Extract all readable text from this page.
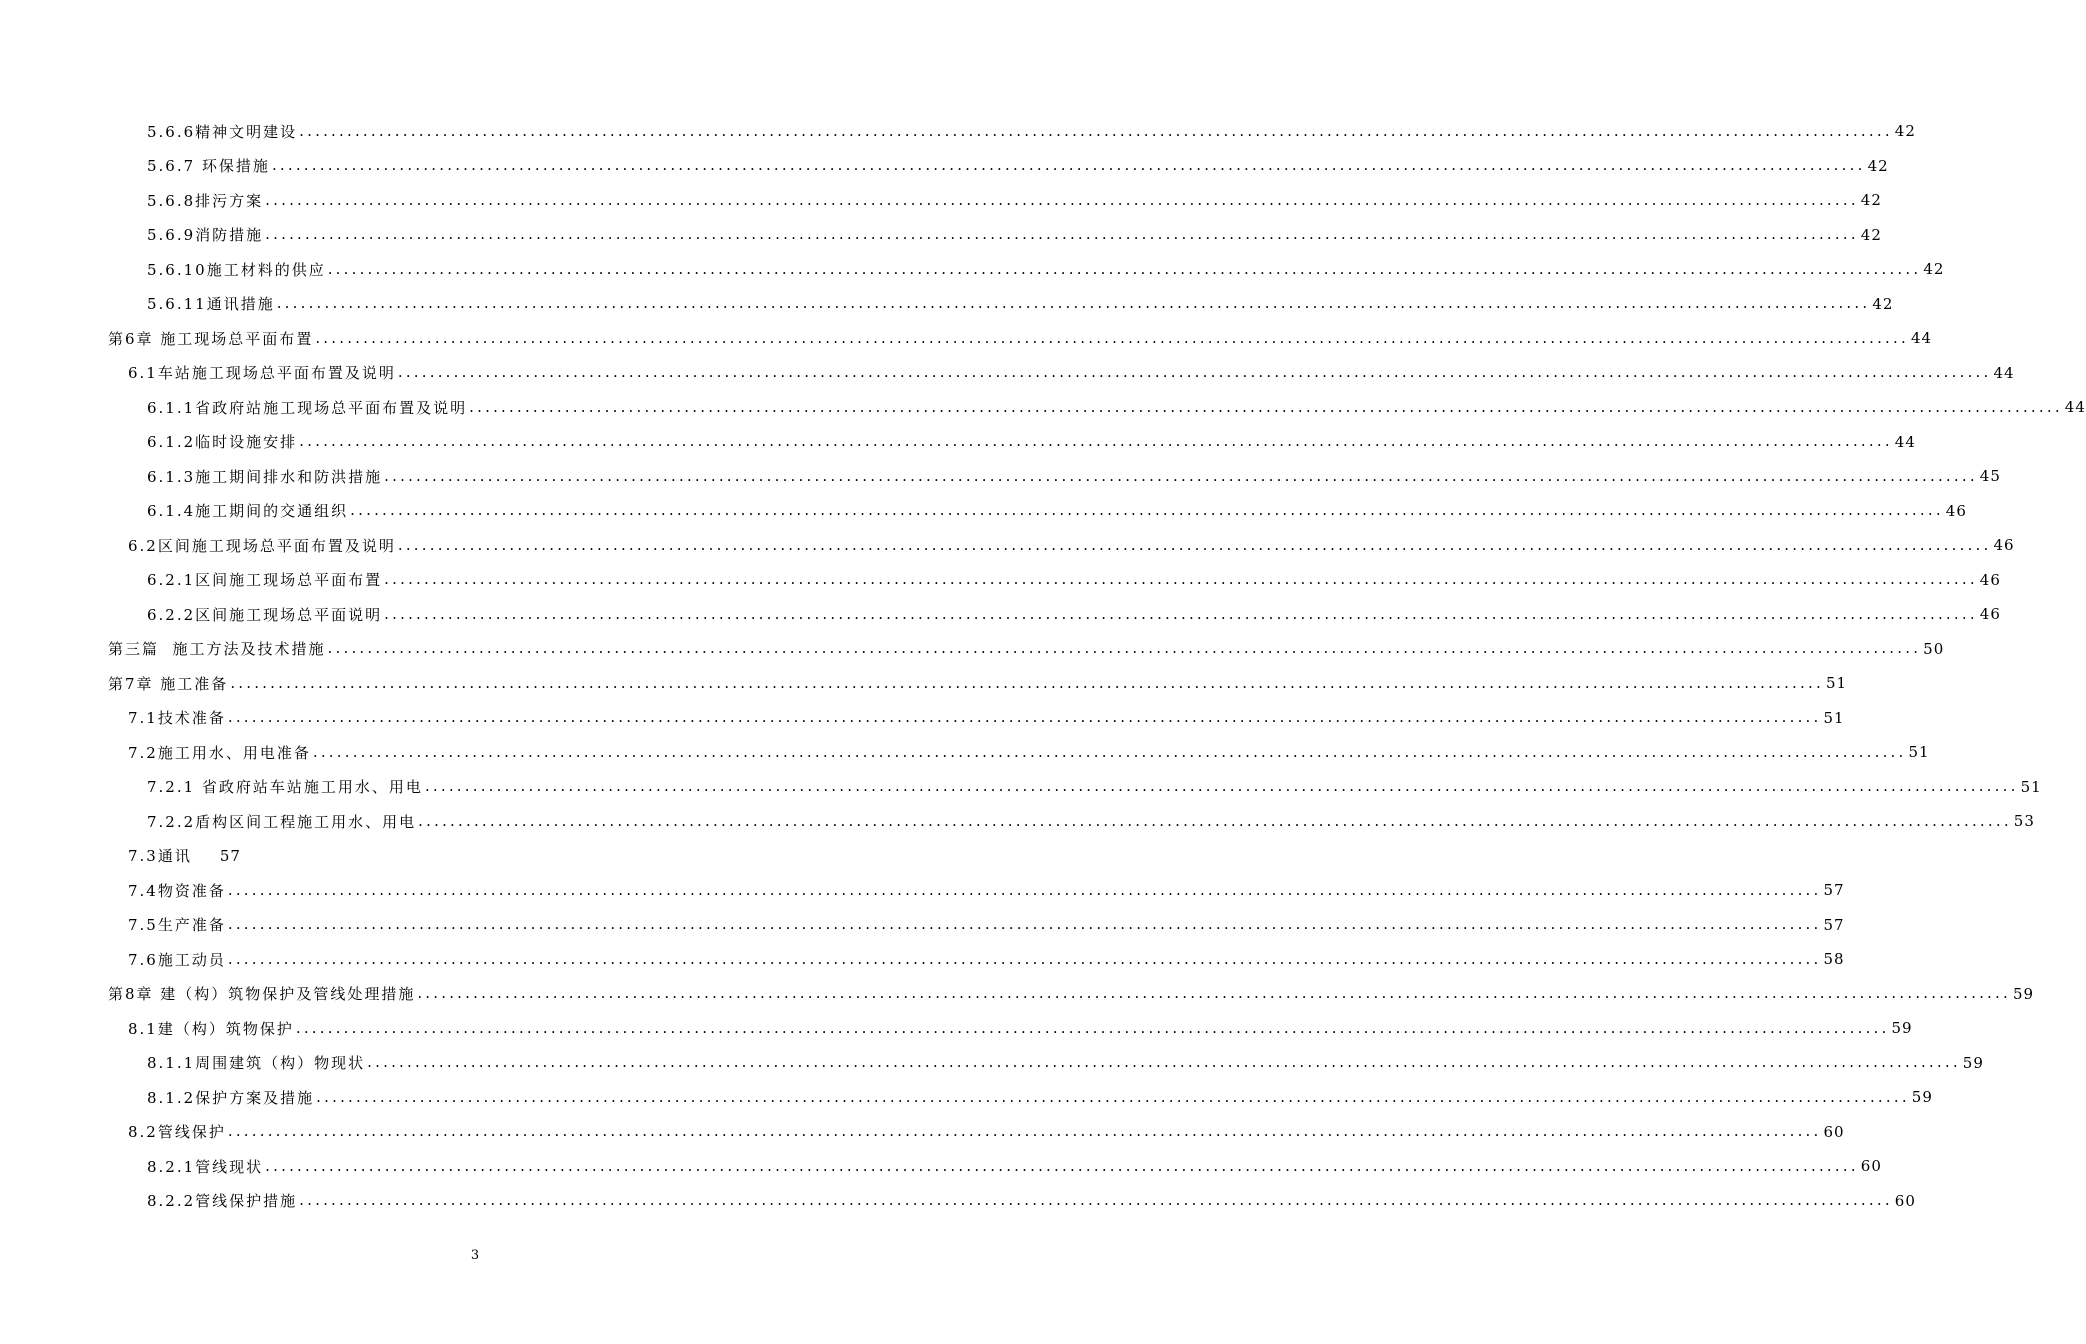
5.6.6精神文明建设 ........................................................................................................................................................................................................ 42
5.6.7 环保措施 ........................................................................................................................................................................................................ 42
5.6.8排污方案 ........................................................................................................................................................................................................ 42
5.6.9消防措施 ........................................................................................................................................................................................................ 42
5.6.10施工材料的供应 ........................................................................................................................................................................................................ 42
5.6.11通讯措施 ........................................................................................................................................................................................................ 42
第6章 施工现场总平面布置 ........................................................................................................................................................................................................ 44
6.1车站施工现场总平面布置及说明 ........................................................................................................................................................................................................ 44
6.1.1省政府站施工现场总平面布置及说明 ........................................................................................................................................................................................................ 44
6.1.2临时设施安排 ........................................................................................................................................................................................................ 44
6.1.3施工期间排水和防洪措施 ........................................................................................................................................................................................................ 45
6.1.4施工期间的交通组织 ........................................................................................................................................................................................................ 46
6.2区间施工现场总平面布置及说明 ........................................................................................................................................................................................................ 46
6.2.1区间施工现场总平面布置 ........................................................................................................................................................................................................ 46
6.2.2区间施工现场总平面说明 ........................................................................................................................................................................................................ 46
第三篇  施工方法及技术措施 ........................................................................................................................................................................................................ 50
第7章 施工准备 ........................................................................................................................................................................................................ 51
7.1技术准备 ........................................................................................................................................................................................................ 51
7.2施工用水、用电准备 ........................................................................................................................................................................................................ 51
7.2.1 省政府站车站施工用水、用电 ........................................................................................................................................................................................................ 51
7.2.2盾构区间工程施工用水、用电 ........................................................................................................................................................................................................ 53
7.3通讯 57
7.4物资准备 ........................................................................................................................................................................................................ 57
7.5生产准备 ........................................................................................................................................................................................................ 57
7.6施工动员 ........................................................................................................................................................................................................ 58
第8章 建（构）筑物保护及管线处理措施 ........................................................................................................................................................................................................ 59
8.1建（构）筑物保护 ........................................................................................................................................................................................................ 59
8.1.1周围建筑（构）物现状 ........................................................................................................................................................................................................ 59
8.1.2保护方案及措施 ........................................................................................................................................................................................................ 59
8.2管线保护 ........................................................................................................................................................................................................ 60
8.2.1管线现状 ........................................................................................................................................................................................................ 60
8.2.2管线保护措施 ........................................................................................................................................................................................................ 60
3
